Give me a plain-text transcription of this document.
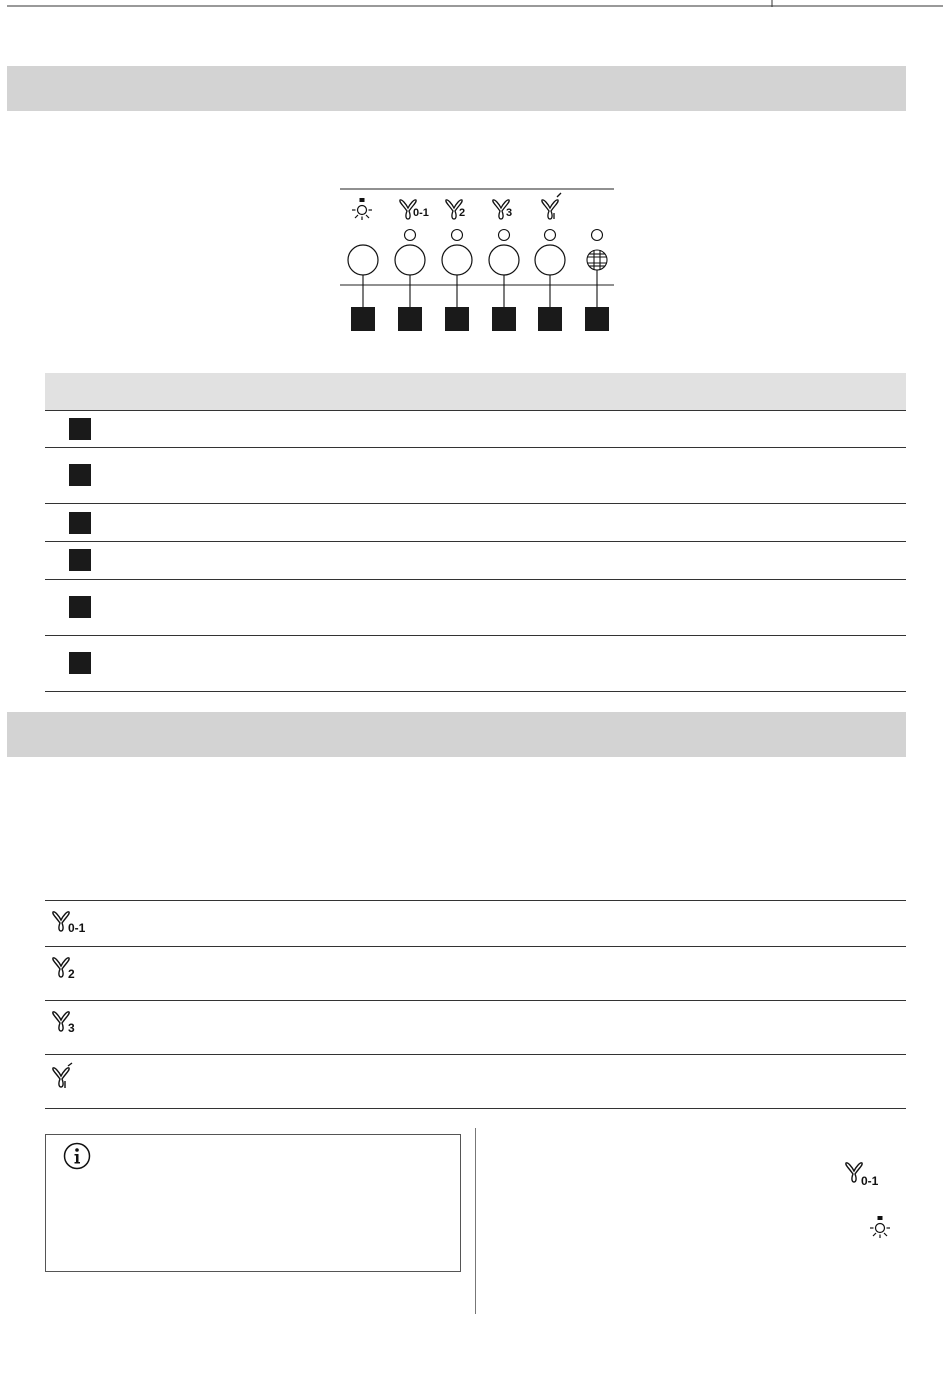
0-1	2	3
0-1
2
3
0-1
